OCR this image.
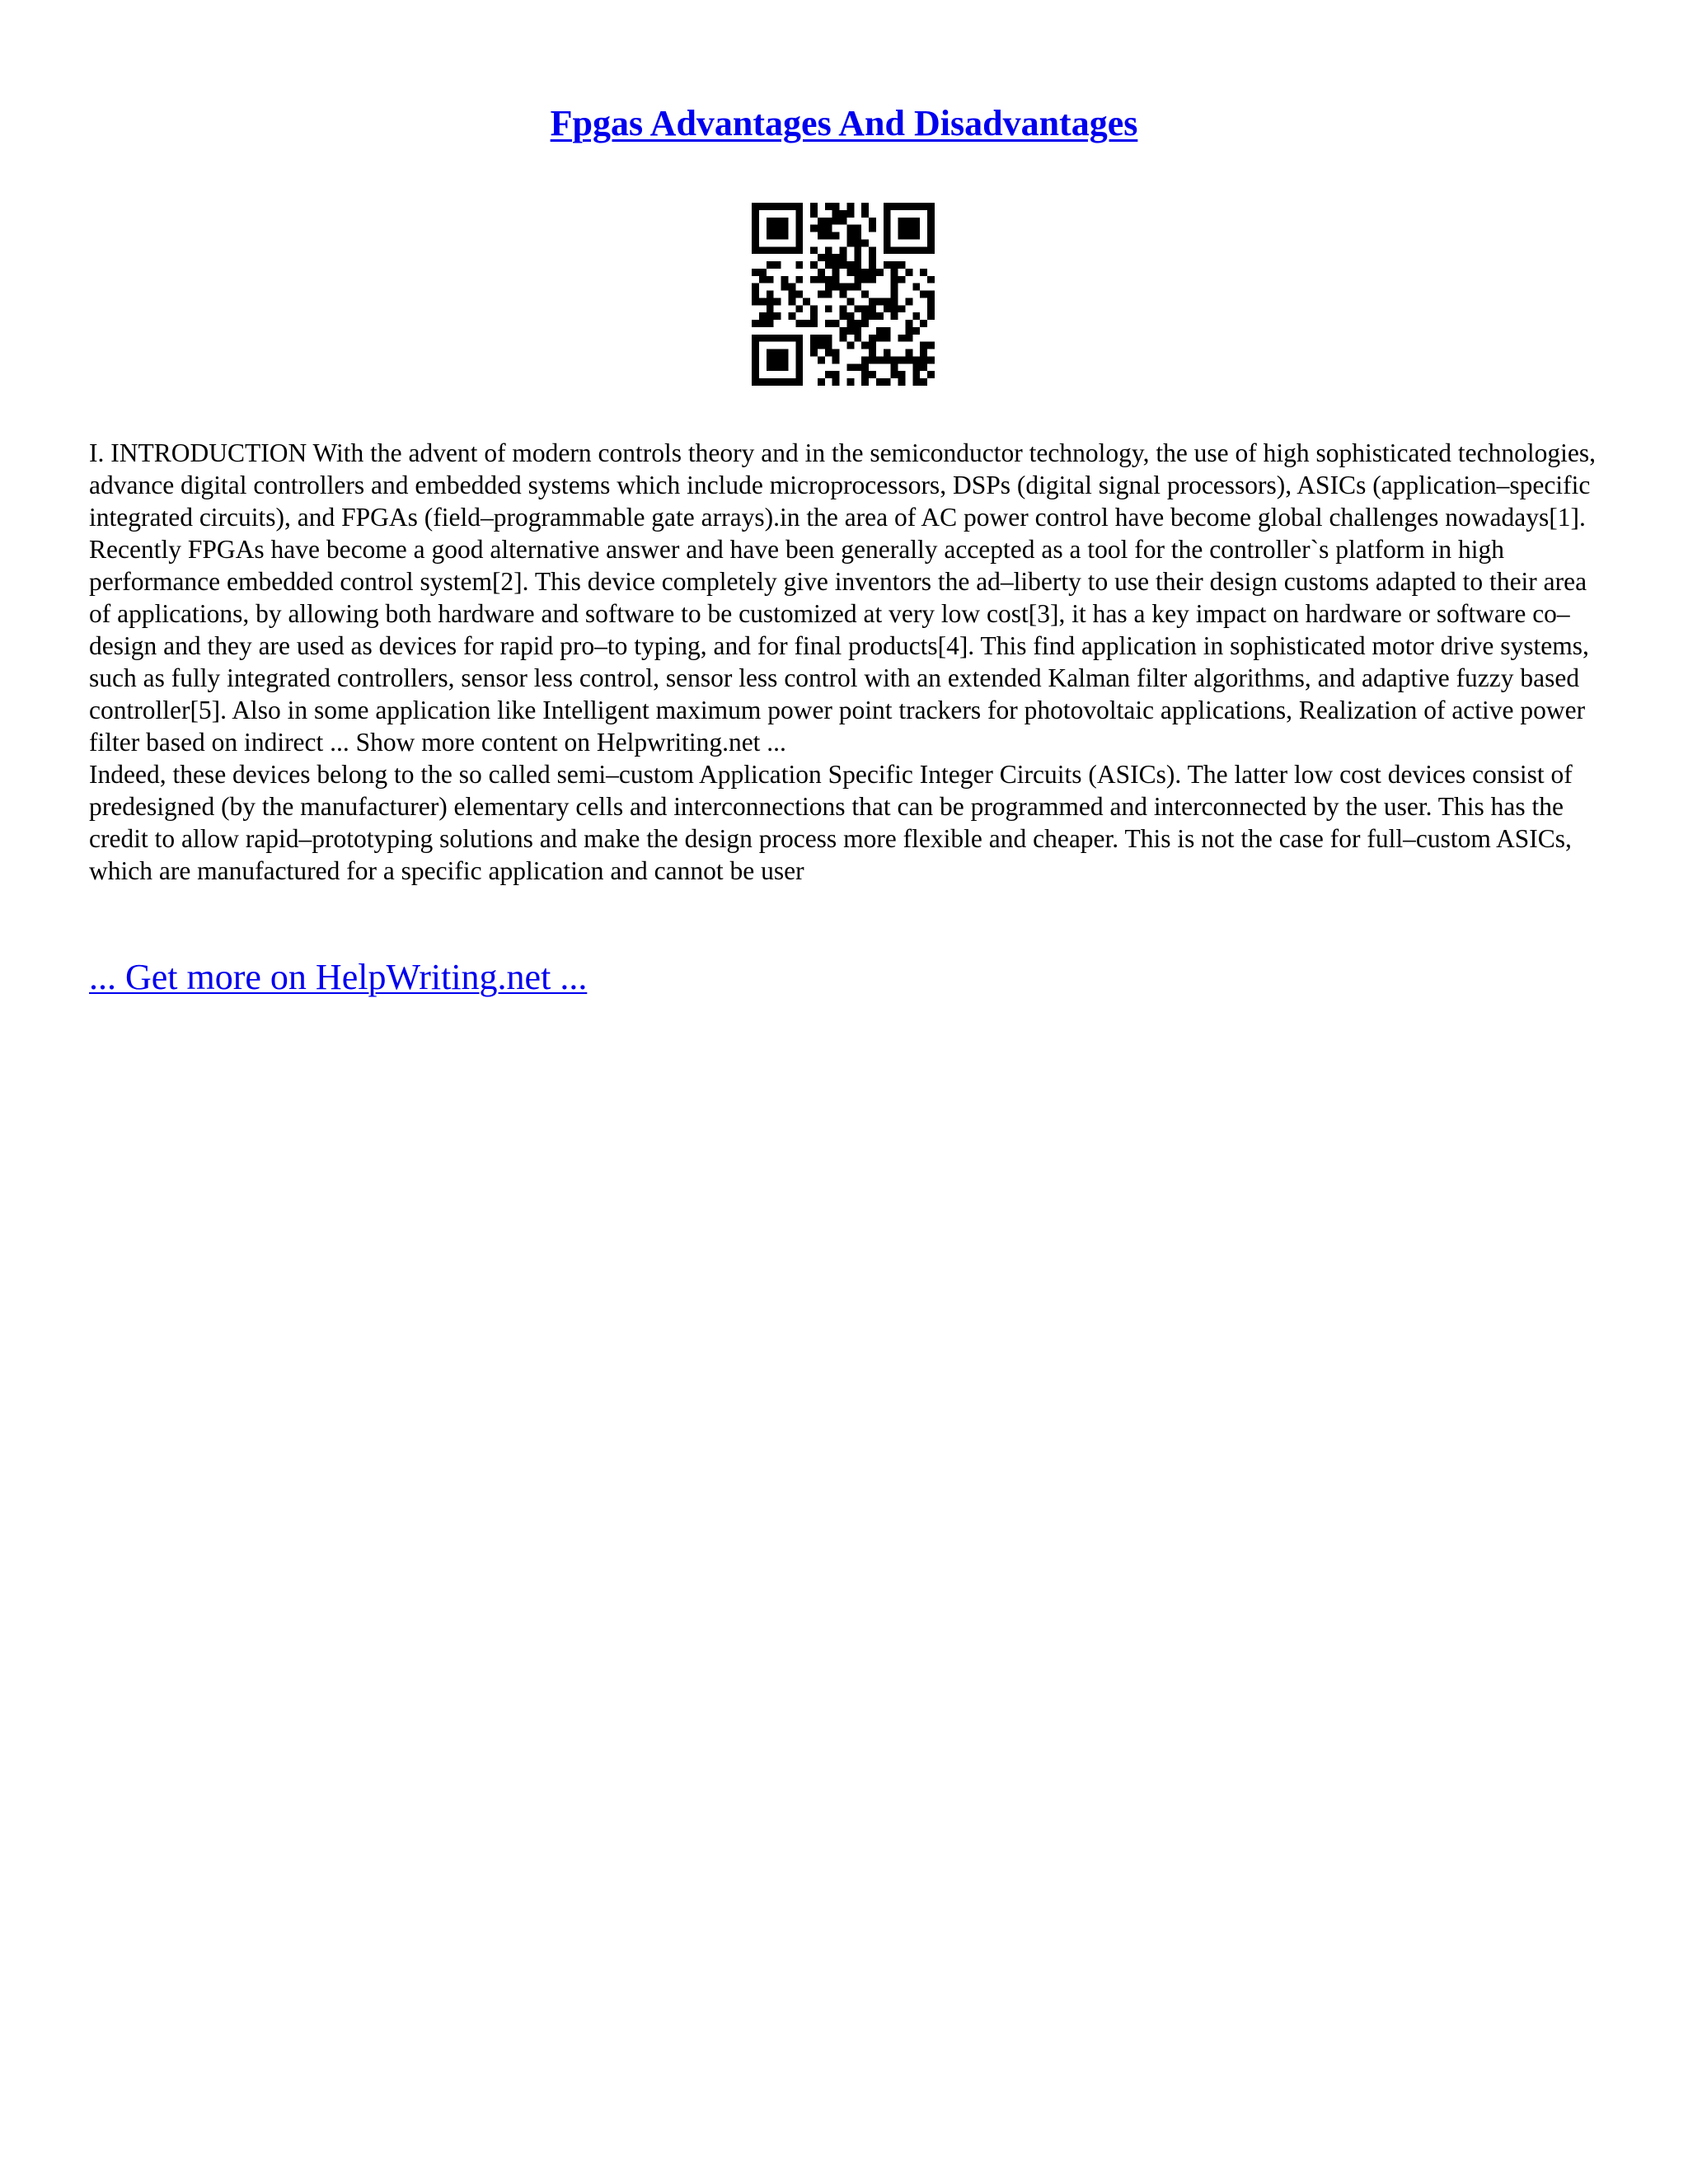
Fpgas Advantages And Disadvantages

I. INTRODUCTION With the advent of modern controls theory and in the semiconductor technology, the use of high sophisticated technologies, advance digital controllers and embedded systems which include microprocessors, DSPs (digital signal processors), ASICs (application–specific integrated circuits), and FPGAs (field–programmable gate arrays).in the area of AC power control have become global challenges nowadays[1]. Recently FPGAs have become a good alternative answer and have been generally accepted as a tool for the controller`s platform in high performance embedded control system[2]. This device completely give inventors the ad–liberty to use their design customs adapted to their area of applications, by allowing both hardware and software to be customized at very low cost[3], it has a key impact on hardware or software co–design and they are used as devices for rapid pro–to typing, and for final products[4]. This find application in sophisticated motor drive systems, such as fully integrated controllers, sensor less control, sensor less control with an extended Kalman filter algorithms, and adaptive fuzzy based controller[5]. Also in some application like Intelligent maximum power point trackers for photovoltaic applications, Realization of active power filter based on indirect ... Show more content on Helpwriting.net ...

Indeed, these devices belong to the so called semi–custom Application Specific Integer Circuits (ASICs). The latter low cost devices consist of predesigned (by the manufacturer) elementary cells and interconnections that can be programmed and interconnected by the user. This has the credit to allow rapid–prototyping solutions and make the design process more flexible and cheaper. This is not the case for full–custom ASICs, which are manufactured for a specific application and cannot be user

... Get more on HelpWriting.net ...
